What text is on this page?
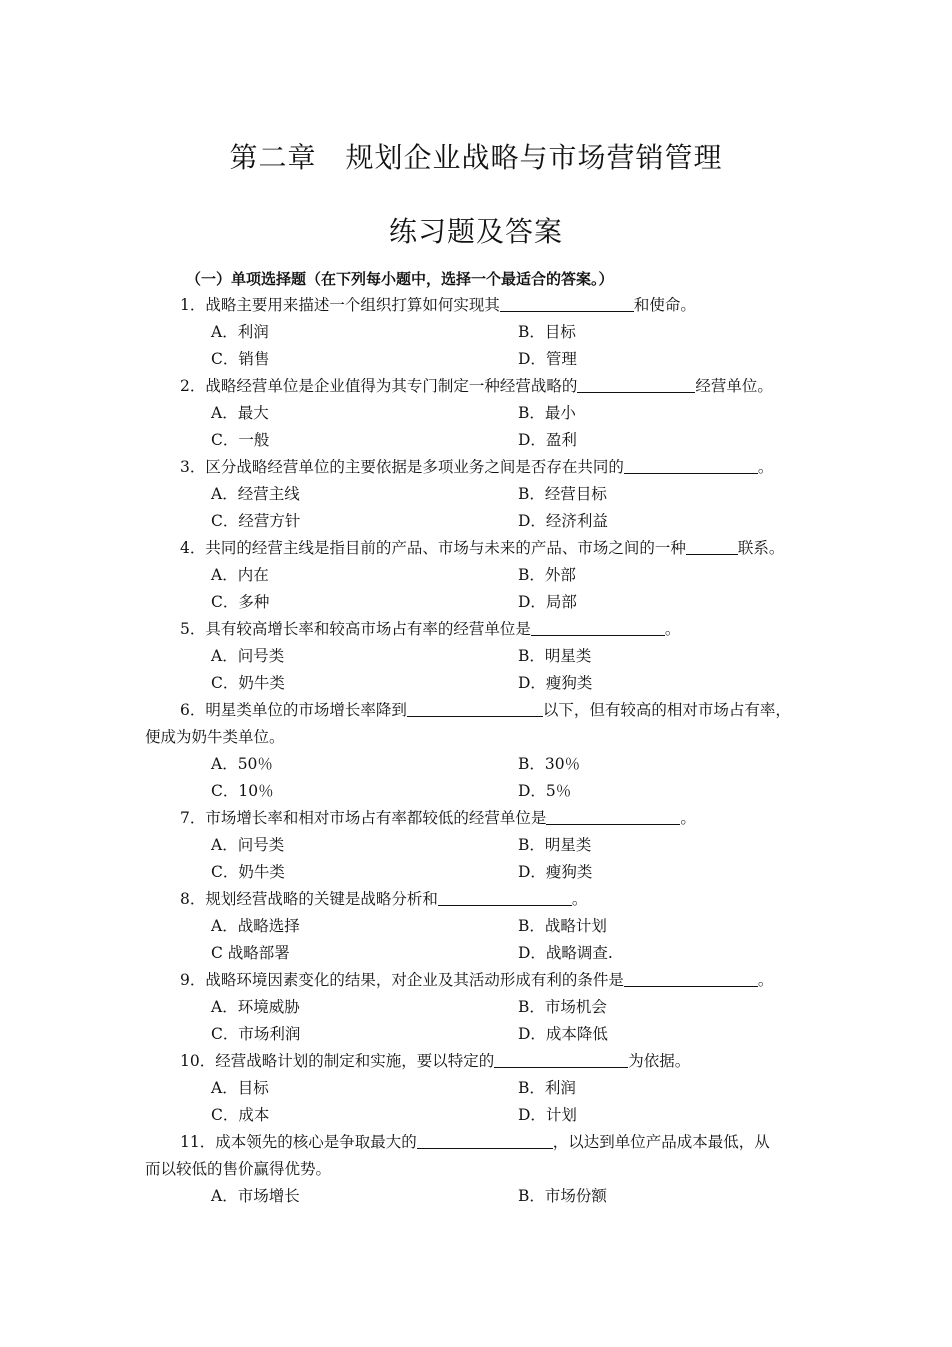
第二章　规划企业战略与市场营销管理
练习题及答案
（一）单项选择题（在下列每小题中，选择一个最适合的答案。）
1．战略主要用来描述一个组织打算如何实现其	和使命。
A．利润	B．目标
C．销售	D．管理
2．战略经营单位是企业值得为其专门制定一种经营战略的	经营单位。
A．最大	B．最小
C．一般	D．盈利
3．区分战略经营单位的主要依据是多项业务之间是否存在共同的	。
A．经营主线	B．经营目标
C．经营方针	D．经济利益
4．共同的经营主线是指目前的产品、市场与未来的产品、市场之间的一种	联系。
A．内在	B．外部
C．多种	D．局部
5．具有较高增长率和较高市场占有率的经营单位是	。
A．问号类	B．明星类
C．奶牛类	D．瘦狗类
6．明星类单位的市场增长率降到	以下，但有较高的相对市场占有率，
便成为奶牛类单位。
A．50％	B．30％
C．10％	D．5％
7．市场增长率和相对市场占有率都较低的经营单位是	。
A．问号类	B．明星类
C．奶牛类	D．瘦狗类
8．规划经营战略的关键是战略分析和	。
A．战略选择	B．战略计划
C 战略部署	D．战略调查.
9．战略环境因素变化的结果，对企业及其活动形成有利的条件是	。
A．环境威胁	B．市场机会
C．市场利润	D．成本降低
10．经营战略计划的制定和实施，要以特定的	为依据。
A．目标	B．利润
C．成本	D．计划
11．成本领先的核心是争取最大的	，以达到单位产品成本最低，从
而以较低的售价赢得优势。
A．市场增长	B．市场份额
